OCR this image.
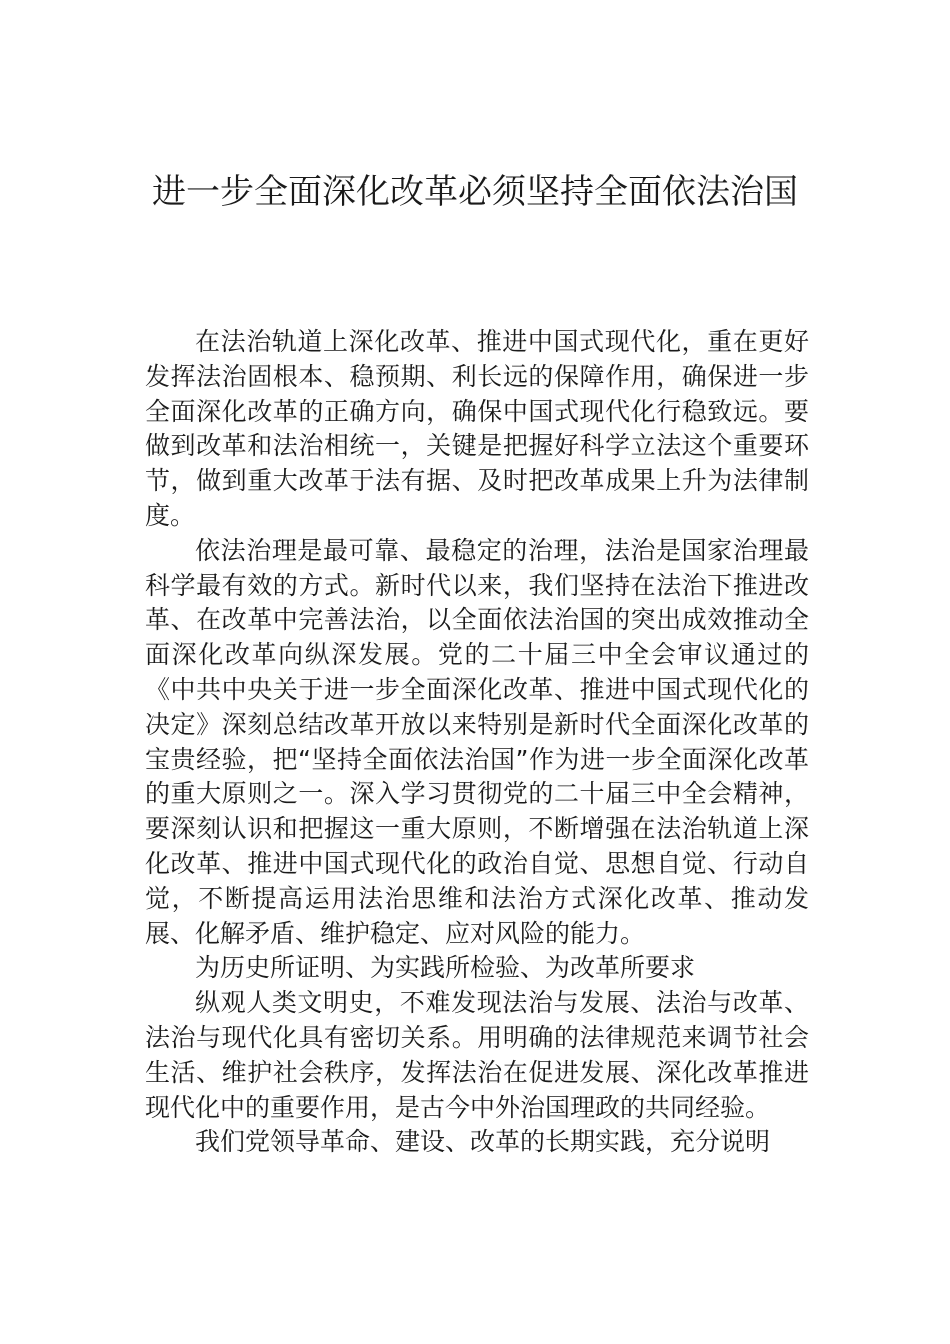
进一步全面深化改革必须坚持全面依法治国

在法治轨道上深化改革、推进中国式现代化，重在更好发挥法治固根本、稳预期、利长远的保障作用，确保进一步全面深化改革的正确方向，确保中国式现代化行稳致远。要做到改革和法治相统一，关键是把握好科学立法这个重要环节，做到重大改革于法有据、及时把改革成果上升为法律制度。

依法治理是最可靠、最稳定的治理，法治是国家治理最科学最有效的方式。新时代以来，我们坚持在法治下推进改革、在改革中完善法治，以全面依法治国的突出成效推动全面深化改革向纵深发展。党的二十届三中全会审议通过的《中共中央关于进一步全面深化改革、推进中国式现代化的决定》深刻总结改革开放以来特别是新时代全面深化改革的宝贵经验，把“坚持全面依法治国”作为进一步全面深化改革的重大原则之一。深入学习贯彻党的二十届三中全会精神，要深刻认识和把握这一重大原则，不断增强在法治轨道上深化改革、推进中国式现代化的政治自觉、思想自觉、行动自觉，不断提高运用法治思维和法治方式深化改革、推动发展、化解矛盾、维护稳定、应对风险的能力。

为历史所证明、为实践所检验、为改革所要求

纵观人类文明史，不难发现法治与发展、法治与改革、法治与现代化具有密切关系。用明确的法律规范来调节社会生活、维护社会秩序，发挥法治在促进发展、深化改革推进现代化中的重要作用，是古今中外治国理政的共同经验。

我们党领导革命、建设、改革的长期实践，充分说明
